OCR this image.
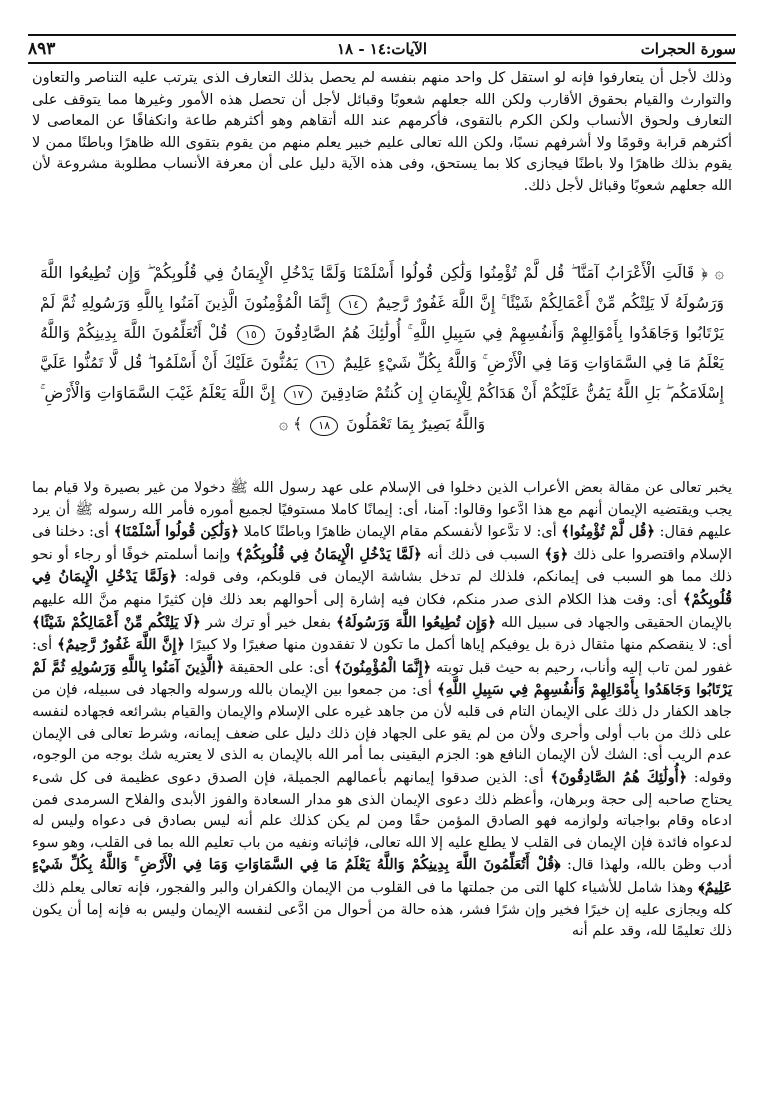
سورة الحجرات
الآيات:١٤ - ١٨
٨٩٣

وذلك لأجل أن يتعارفوا فإنه لو استقل كل واحد منهم بنفسه لم يحصل بذلك التعارف الذى يترتب عليه التناصر والتعاون والتوارث والقيام بحقوق الأقارب ولكن الله جعلهم شعوبًا وقبائل لأجل أن تحصل هذه الأمور وغيرها مما يتوقف على التعارف ولحوق الأنساب ولكن الكرم بالتقوى، فأكرمهم عند الله أتقاهم وهو أكثرهم طاعة وانكفافًا عن المعاصى لا أكثرهم قرابة وقومًا ولا أشرفهم نسبًا، ولكن الله تعالى عليم خبير يعلم منهم من يقوم بتقوى الله ظاهرًا وباطنًا ممن لا يقوم بذلك ظاهرًا ولا باطنًا فيجازى كلا بما يستحق، وفى هذه الآية دليل على أن معرفة الأنساب مطلوبة مشروعة لأن الله جعلهم شعوبًا وقبائل لأجل ذلك.

۞ ﴿ قَالَتِ الْأَعْرَابُ آمَنَّا ۖ قُل لَّمْ تُؤْمِنُوا وَلَٰكِن قُولُوا أَسْلَمْنَا وَلَمَّا يَدْخُلِ الْإِيمَانُ فِي قُلُوبِكُمْ ۖ وَإِن تُطِيعُوا اللَّهَ وَرَسُولَهُ لَا يَلِتْكُم مِّنْ أَعْمَالِكُمْ شَيْئًا ۚ إِنَّ اللَّهَ غَفُورٌ رَّحِيمٌ ١٤ إِنَّمَا الْمُؤْمِنُونَ الَّذِينَ آمَنُوا بِاللَّهِ وَرَسُولِهِ ثُمَّ لَمْ يَرْتَابُوا وَجَاهَدُوا بِأَمْوَالِهِمْ وَأَنفُسِهِمْ فِي سَبِيلِ اللَّهِ ۚ أُولَٰئِكَ هُمُ الصَّادِقُونَ ١٥ قُلْ أَتُعَلِّمُونَ اللَّهَ بِدِينِكُمْ وَاللَّهُ يَعْلَمُ مَا فِي السَّمَاوَاتِ وَمَا فِي الْأَرْضِ ۚ وَاللَّهُ بِكُلِّ شَيْءٍ عَلِيمٌ ١٦ يَمُنُّونَ عَلَيْكَ أَنْ أَسْلَمُوا ۖ قُل لَّا تَمُنُّوا عَلَيَّ إِسْلَامَكُم ۖ بَلِ اللَّهُ يَمُنُّ عَلَيْكُمْ أَنْ هَدَاكُمْ لِلْإِيمَانِ إِن كُنتُمْ صَادِقِينَ ١٧ إِنَّ اللَّهَ يَعْلَمُ غَيْبَ السَّمَاوَاتِ وَالْأَرْضِ ۚ وَاللَّهُ بَصِيرٌ بِمَا تَعْمَلُونَ ١٨ ﴾ ۞

يخبر تعالى عن مقالة بعض الأعراب الذين دخلوا فى الإسلام على عهد رسول الله ﷺ دخولا من غير بصيرة ولا قيام بما يجب ويقتضيه الإيمان أنهم مع هذا ادَّعوا وقالوا: آمنا، أى: إيمانًا كاملا مستوفيًا لجميع أموره فأمر الله رسوله ﷺ أن يرد عليهم فقال: ﴿قُل لَّمْ تُؤْمِنُوا﴾ أى: لا تدَّعوا لأنفسكم مقام الإيمان ظاهرًا وباطنًا كاملا ﴿وَلَٰكِن قُولُوا أَسْلَمْنَا﴾ أى: دخلنا فى الإسلام واقتصروا على ذلك ﴿وَ﴾ السبب فى ذلك أنه ﴿لَمَّا يَدْخُلِ الْإِيمَانُ فِي قُلُوبِكُمْ﴾ وإنما أسلمتم خوفًا أو رجاء أو نحو ذلك مما هو السبب فى إيمانكم، فلذلك لم تدخل بشاشة الإيمان فى قلوبكم، وفى قوله: ﴿وَلَمَّا يَدْخُلِ الْإِيمَانُ فِي قُلُوبِكُمْ﴾ أى: وقت هذا الكلام الذى صدر منكم، فكان فيه إشارة إلى أحوالهم بعد ذلك فإن كثيرًا منهم منَّ الله عليهم بالإيمان الحقيقى والجهاد فى سبيل الله ﴿وَإِن تُطِيعُوا اللَّهَ وَرَسُولَهُ﴾ بفعل خير أو ترك شر ﴿لَا يَلِتْكُم مِّنْ أَعْمَالِكُمْ شَيْئًا﴾ أى: لا ينقصكم منها مثقال ذرة بل يوفيكم إياها أكمل ما تكون لا تفقدون منها صغيرًا ولا كبيرًا ﴿إِنَّ اللَّهَ غَفُورٌ رَّحِيمٌ﴾ أى: غفور لمن تاب إليه وأناب، رحيم به حيث قبل توبته ﴿إِنَّمَا الْمُؤْمِنُونَ﴾ أى: على الحقيقة ﴿الَّذِينَ آمَنُوا بِاللَّهِ وَرَسُولِهِ ثُمَّ لَمْ يَرْتَابُوا وَجَاهَدُوا بِأَمْوَالِهِمْ وَأَنفُسِهِمْ فِي سَبِيلِ اللَّهِ﴾ أى: من جمعوا بين الإيمان بالله ورسوله والجهاد فى سبيله، فإن من جاهد الكفار دل ذلك على الإيمان التام فى قلبه لأن من جاهد غيره على الإسلام والإيمان والقيام بشرائعه فجهاده لنفسه على ذلك من باب أولى وأحرى ولأن من لم يقو على الجهاد فإن ذلك دليل على ضعف إيمانه، وشرط تعالى فى الإيمان عدم الريب أى: الشك لأن الإيمان النافع هو: الجزم اليقينى بما أمر الله بالإيمان به الذى لا يعتريه شك بوجه من الوجوه، وقوله: ﴿أُولَٰئِكَ هُمُ الصَّادِقُونَ﴾ أى: الذين صدقوا إيمانهم بأعمالهم الجميلة، فإن الصدق دعوى عظيمة فى كل شىء يحتاج صاحبه إلى حجة وبرهان، وأعظم ذلك دعوى الإيمان الذى هو مدار السعادة والفوز الأبدى والفلاح السرمدى فمن ادعاه وقام بواجباته ولوازمه فهو الصادق المؤمن حقًا ومن لم يكن كذلك علم أنه ليس بصادق فى دعواه وليس له لدعواه فائدة فإن الإيمان فى القلب لا يطلع عليه إلا الله تعالى، فإثباته ونفيه من باب تعليم الله بما فى القلب، وهو سوء أدب وظن بالله، ولهذا قال: ﴿قُلْ أَتُعَلِّمُونَ اللَّهَ بِدِينِكُمْ وَاللَّهُ يَعْلَمُ مَا فِي السَّمَاوَاتِ وَمَا فِي الْأَرْضِ ۚ وَاللَّهُ بِكُلِّ شَيْءٍ عَلِيمٌ﴾ وهذا شامل للأشياء كلها التى من جملتها ما فى القلوب من الإيمان والكفران والبر والفجور، فإنه تعالى يعلم ذلك كله ويجازى عليه إن خيرًا فخير وإن شرًا فشر، هذه حالة من أحوال من ادَّعى لنفسه الإيمان وليس به فإنه إما أن يكون ذلك تعليمًا لله، وقد علم أنه
